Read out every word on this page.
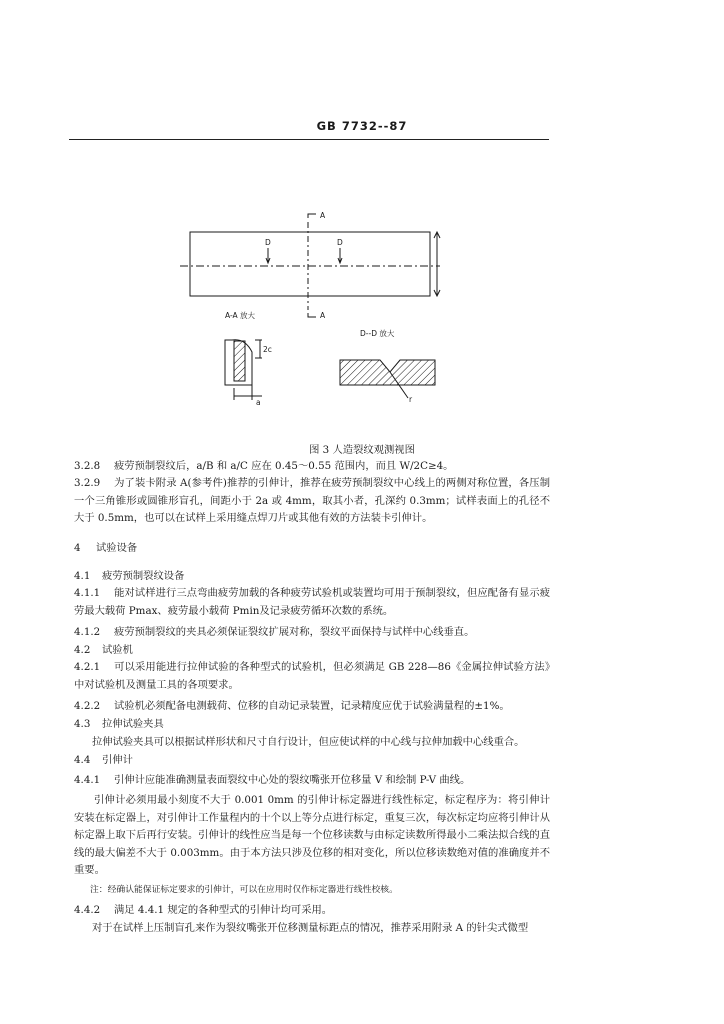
GB 7732--87
A
A
D	D
A-A 放大
D--D 放大
2c
a	r
图 3 人造裂纹观测视图
3.2.8 疲劳预制裂纹后，a/B 和 a/C 应在 0.45～0.55 范围内，而且 W/2C≥4。
3.2.9 为了装卡附录 A(参考件)推荐的引伸计，推荐在疲劳预制裂纹中心线上的两侧对称位置，各压制一个三角锥形或圆锥形盲孔，间距小于 2a 或 4mm，取其小者，孔深约 0.3mm；试样表面上的孔径不大于 0.5mm，也可以在试样上采用缝点焊刀片或其他有效的方法装卡引伸计。
4 试验设备
4.1 疲劳预制裂纹设备
4.1.1 能对试样进行三点弯曲疲劳加载的各种疲劳试验机或装置均可用于预制裂纹，但应配备有显示疲劳最大载荷 Pmax、疲劳最小载荷 Pmin及记录疲劳循环次数的系统。
4.1.2 疲劳预制裂纹的夹具必须保证裂纹扩展对称，裂纹平面保持与试样中心线垂直。
4.2 试验机
4.2.1 可以采用能进行拉伸试验的各种型式的试验机，但必须满足 GB 228—86《金属拉伸试验方法》中对试验机及测量工具的各项要求。
4.2.2 试验机必须配备电测载荷、位移的自动记录装置，记录精度应优于试验满量程的±1%。
4.3 拉伸试验夹具
拉伸试验夹具可以根据试样形状和尺寸自行设计，但应使试样的中心线与拉伸加载中心线重合。
4.4 引伸计
4.4.1 引伸计应能准确测量表面裂纹中心处的裂纹嘴张开位移量 V 和绘制 P-V 曲线。
引伸计必须用最小刻度不大于 0.001 0mm 的引伸计标定器进行线性标定，标定程序为：将引伸计安装在标定器上，对引伸计工作量程内的十个以上等分点进行标定，重复三次，每次标定均应将引伸计从标定器上取下后再行安装。引伸计的线性应当是每一个位移读数与由标定读数所得最小二乘法拟合线的直线的最大偏差不大于 0.003mm。由于本方法只涉及位移的相对变化，所以位移读数绝对值的准确度并不重要。
注：经确认能保证标定要求的引伸计，可以在应用时仅作标定器进行线性校核。
4.4.2 满足 4.4.1 规定的各种型式的引伸计均可采用。
对于在试样上压制盲孔来作为裂纹嘴张开位移测量标距点的情况，推荐采用附录 A 的针尖式微型
